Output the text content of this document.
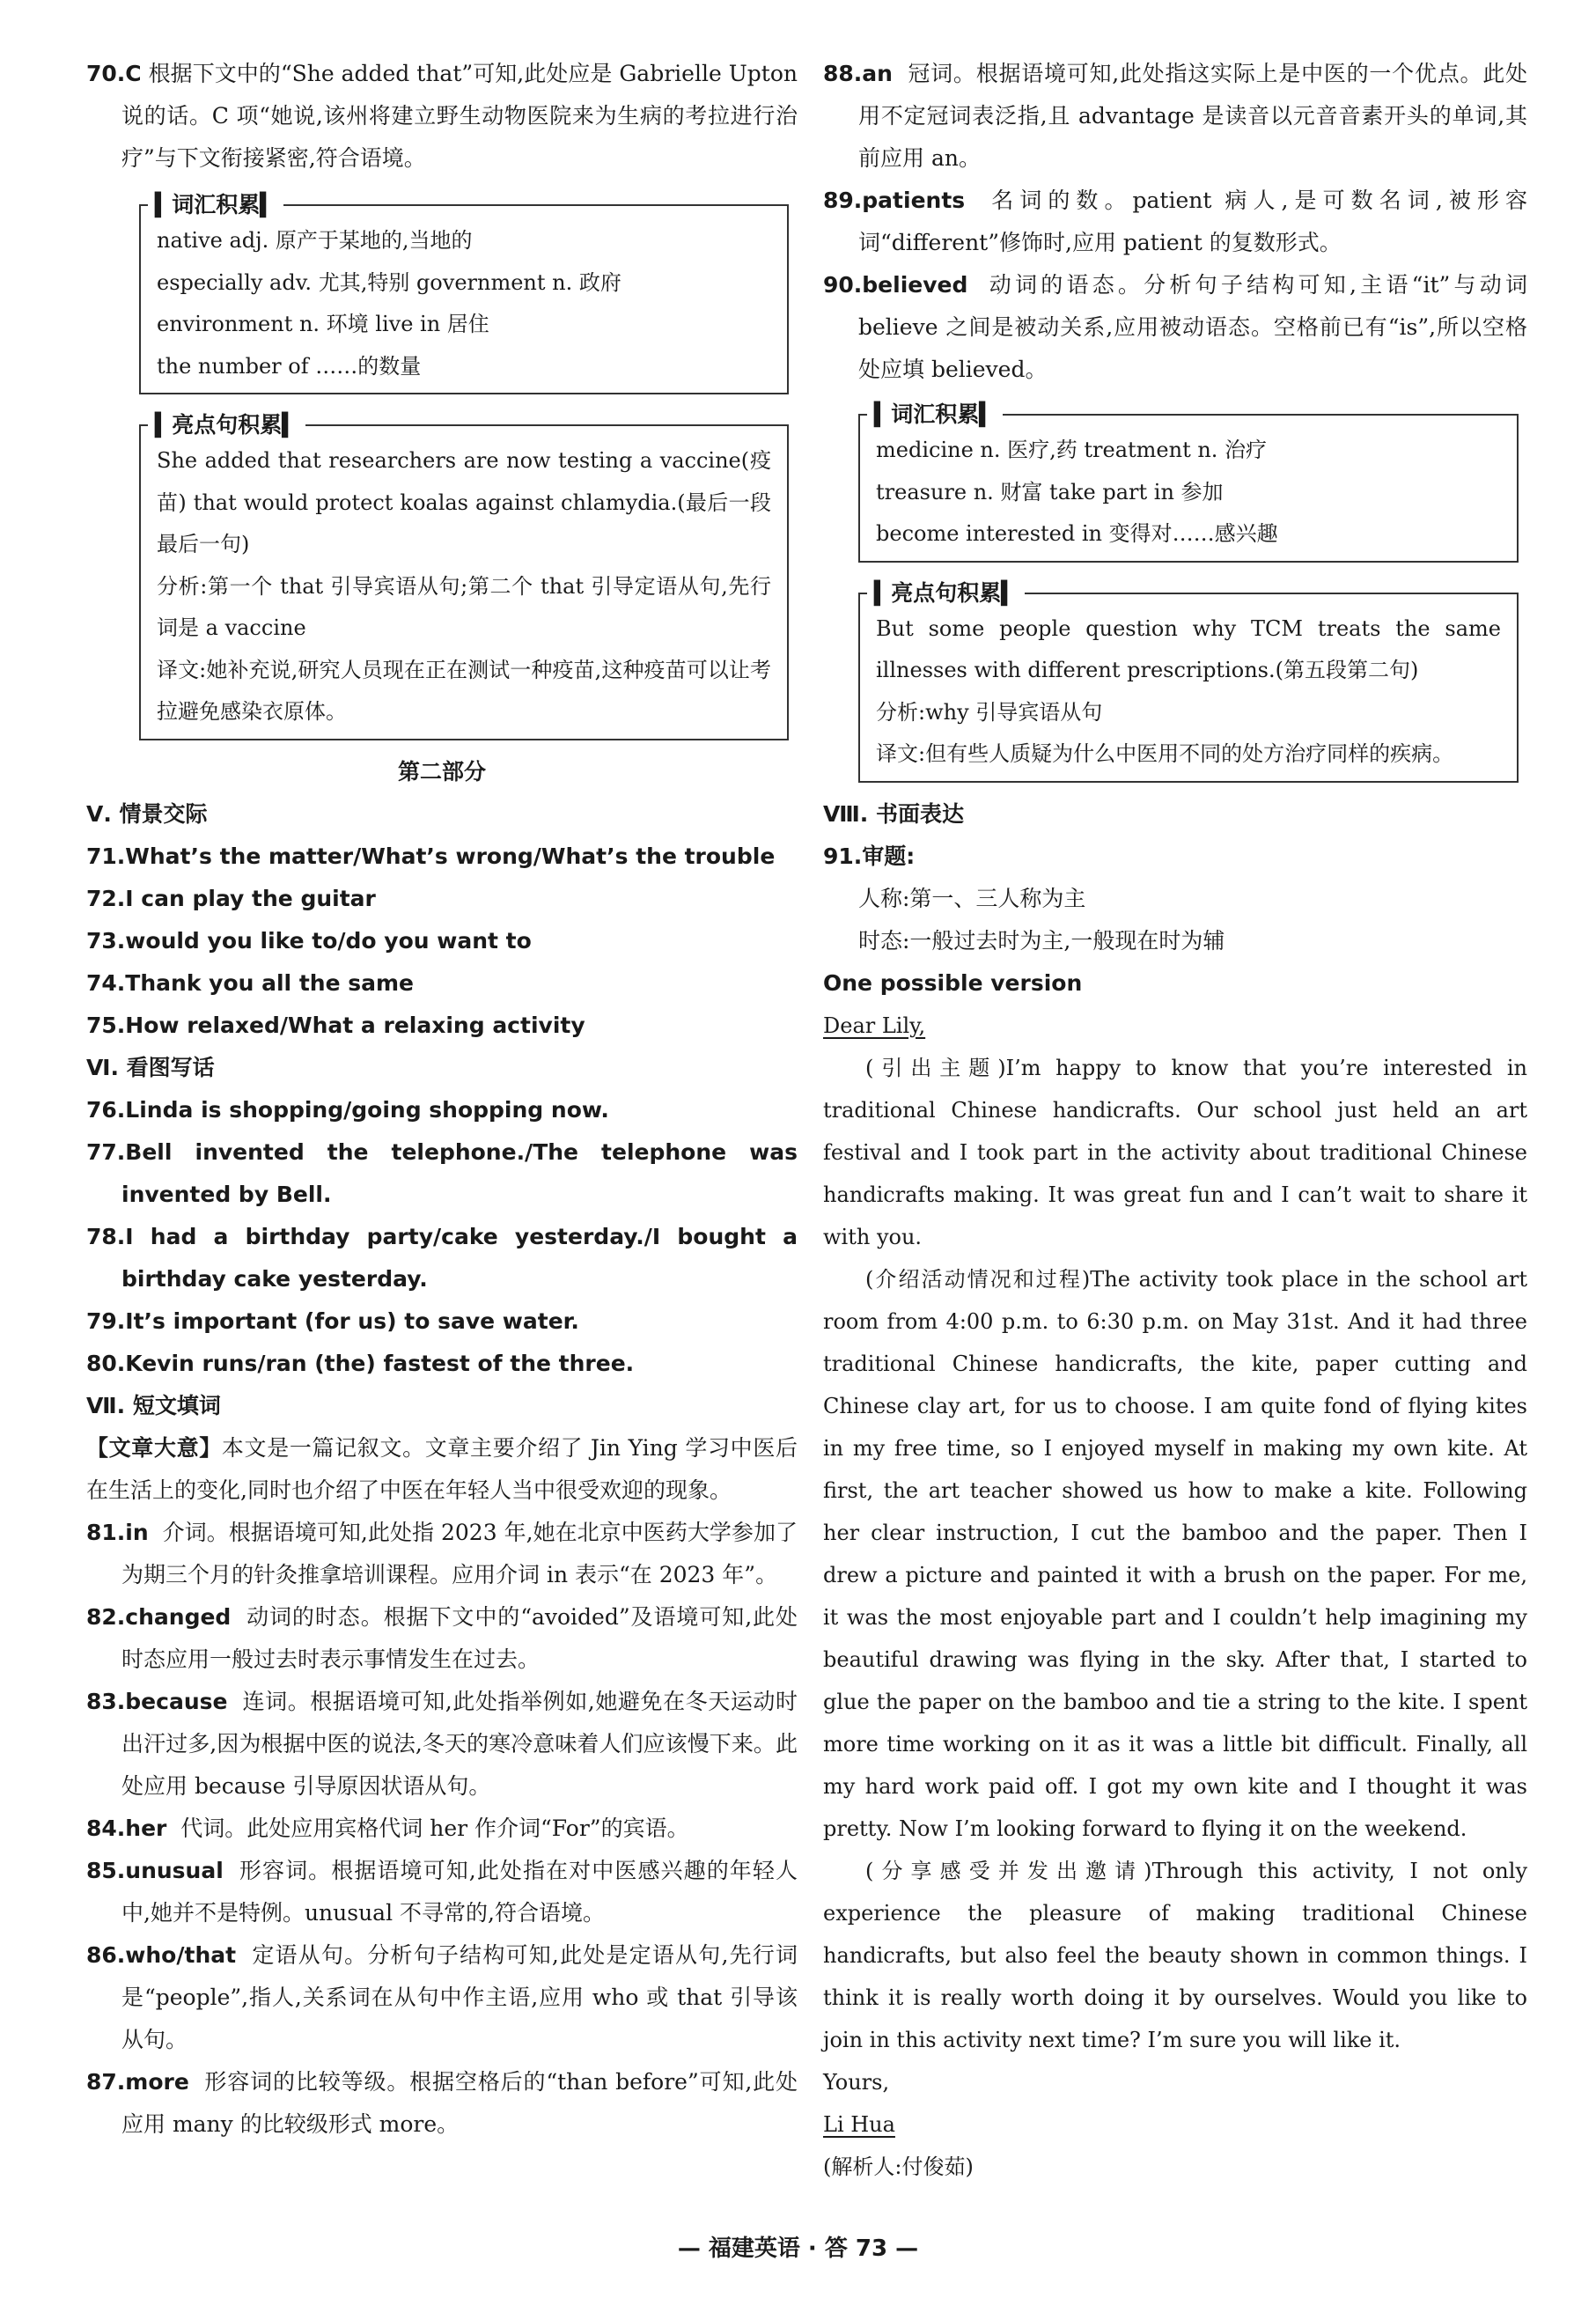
70.C 根据下文中的“She added that”可知,此处应是 Gabrielle Upton 说的话。C 项“她说,该州将建立野生动物医院来为生病的考拉进行治疗”与下文衔接紧密,符合语境。

▍ 词汇积累 ▍

native adj. 原产于某地的,当地的

especially adv. 尤其,特别 government n. 政府

environment n. 环境 live in 居住

the number of ……的数量

▍ 亮点句积累 ▍

She added that researchers are now testing a vaccine(疫苗) that would protect koalas against chlamydia.(最后一段最后一句)

分析:第一个 that 引导宾语从句;第二个 that 引导定语从句,先行词是 a vaccine

译文:她补充说,研究人员现在正在测试一种疫苗,这种疫苗可以让考拉避免感染衣原体。

第二部分

Ⅴ. 情景交际

71.What’s the matter/What’s wrong/What’s the trouble

72.I can play the guitar

73.would you like to/do you want to

74.Thank you all the same

75.How relaxed/What a relaxing activity

Ⅵ. 看图写话

76.Linda is shopping/going shopping now.

77.Bell invented the telephone./The telephone was invented by Bell.

78.I had a birthday party/cake yesterday./I bought a birthday cake yesterday.

79.It’s important (for us) to save water.

80.Kevin runs/ran (the) fastest of the three.

Ⅶ. 短文填词

【文章大意】本文是一篇记叙文。文章主要介绍了 Jin Ying 学习中医后在生活上的变化,同时也介绍了中医在年轻人当中很受欢迎的现象。

81.in 介词。根据语境可知,此处指 2023 年,她在北京中医药大学参加了为期三个月的针灸推拿培训课程。应用介词 in 表示“在 2023 年”。

82.changed 动词的时态。根据下文中的“avoided”及语境可知,此处时态应用一般过去时表示事情发生在过去。

83.because 连词。根据语境可知,此处指举例如,她避免在冬天运动时出汗过多,因为根据中医的说法,冬天的寒冷意味着人们应该慢下来。此处应用 because 引导原因状语从句。

84.her 代词。此处应用宾格代词 her 作介词“For”的宾语。

85.unusual 形容词。根据语境可知,此处指在对中医感兴趣的年轻人中,她并不是特例。unusual 不寻常的,符合语境。

86.who/that 定语从句。分析句子结构可知,此处是定语从句,先行词是“people”,指人,关系词在从句中作主语,应用 who 或 that 引导该从句。

87.more 形容词的比较等级。根据空格后的“than before”可知,此处应用 many 的比较级形式 more。

88.an 冠词。根据语境可知,此处指这实际上是中医的一个优点。此处用不定冠词表泛指,且 advantage 是读音以元音音素开头的单词,其前应用 an。

89.patients 名词的数。patient 病人,是可数名词,被形容词“different”修饰时,应用 patient 的复数形式。

90.believed 动词的语态。分析句子结构可知,主语“it”与动词 believe 之间是被动关系,应用被动语态。空格前已有“is”,所以空格处应填 believed。

▍ 词汇积累 ▍

medicine n. 医疗,药 treatment n. 治疗

treasure n. 财富 take part in 参加

become interested in 变得对……感兴趣

▍ 亮点句积累 ▍

But some people question why TCM treats the same illnesses with different prescriptions.(第五段第二句)

分析:why 引导宾语从句

译文:但有些人质疑为什么中医用不同的处方治疗同样的疾病。

Ⅷ. 书面表达

91.审题:

人称:第一、三人称为主

时态:一般过去时为主,一般现在时为辅

One possible version

Dear Lily,

(引出主题)I’m happy to know that you’re interested in traditional Chinese handicrafts. Our school just held an art festival and I took part in the activity about traditional Chinese handicrafts making. It was great fun and I can’t wait to share it with you.

(介绍活动情况和过程)The activity took place in the school art room from 4:00 p.m. to 6:30 p.m. on May 31st. And it had three traditional Chinese handicrafts, the kite, paper cutting and Chinese clay art, for us to choose. I am quite fond of flying kites in my free time, so I enjoyed myself in making my own kite. At first, the art teacher showed us how to make a kite. Following her clear instruction, I cut the bamboo and the paper. Then I drew a picture and painted it with a brush on the paper. For me, it was the most enjoyable part and I couldn’t help imagining my beautiful drawing was flying in the sky. After that, I started to glue the paper on the bamboo and tie a string to the kite. I spent more time working on it as it was a little bit difficult. Finally, all my hard work paid off. I got my own kite and I thought it was pretty. Now I’m looking forward to flying it on the weekend.

(分享感受并发出邀请)Through this activity, I not only experience the pleasure of making traditional Chinese handicrafts, but also feel the beauty shown in common things. I think it is really worth doing it by ourselves. Would you like to join in this activity next time? I’m sure you will like it.

Yours,

Li Hua

(解析人:付俊茹)

— 福建英语 · 答 73 —
